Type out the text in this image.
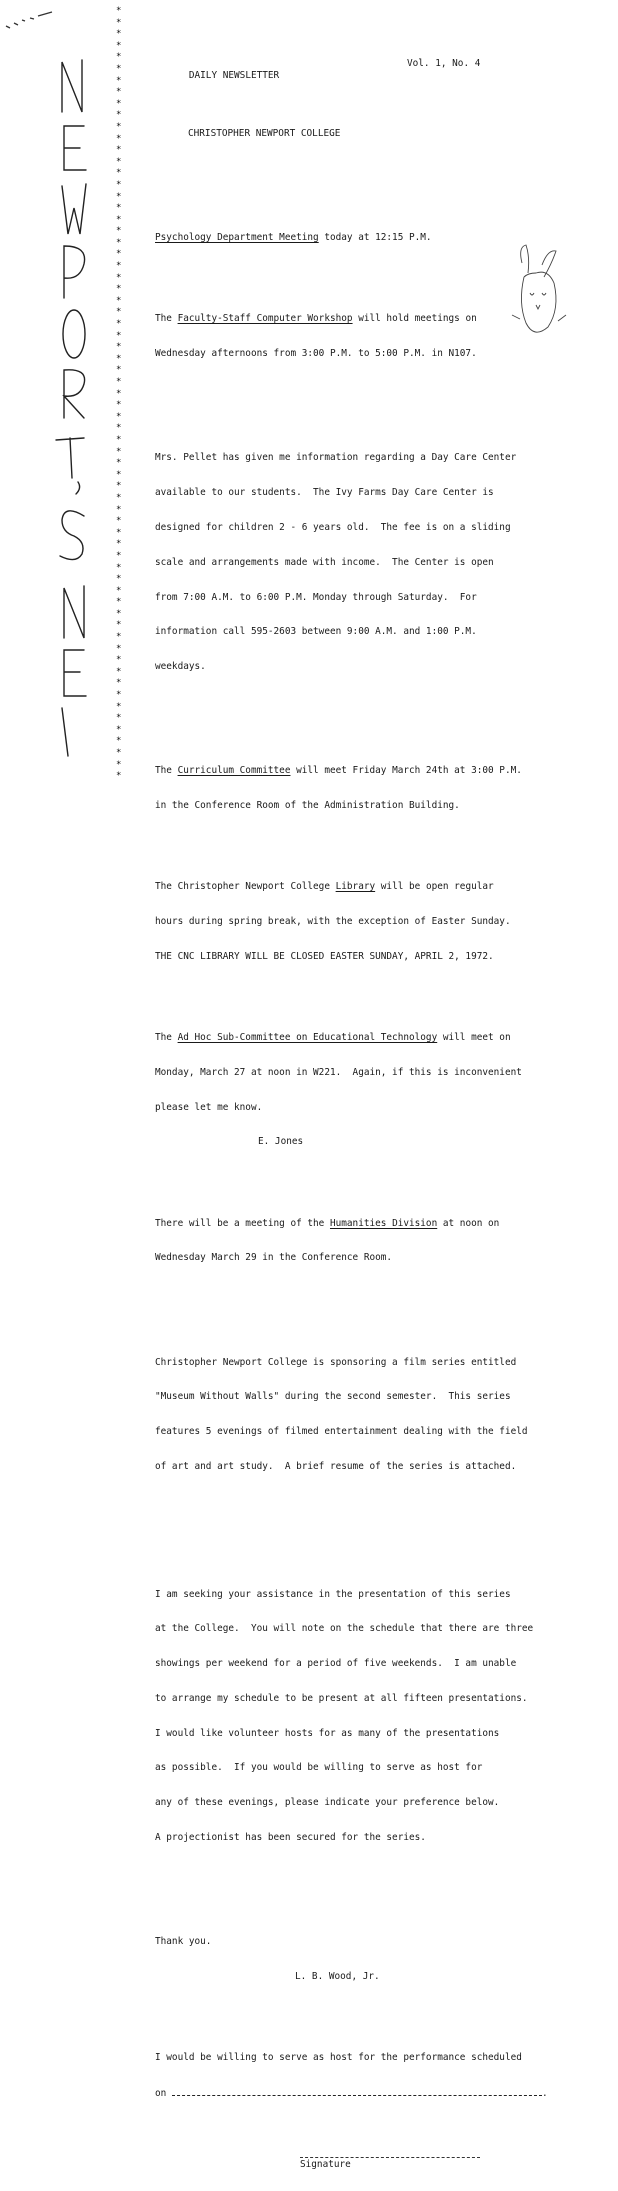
*
*
*
*
*
*
*
*
*
*
*
*
*
*
*
*
*
*
*
*
*
*
*
*
*
*
*
*
*
*
*
*
*
*
*
*
*
*
*
*
*
*
*
*
*
*
*
*
*
*
*
*
*
*
*
*
*
*
*
*
*
*
*
*
*
*
*

DAILY NEWSLETTER

Vol. 1, No. 4

CHRISTOPHER NEWPORT COLLEGE

Psychology Department Meeting today at 12:15 P.M.

The Faculty-Staff Computer Workshop will hold meetings on

Wednesday afternoons from 3:00 P.M. to 5:00 P.M. in N107.

Mrs. Pellet has given me information regarding a Day Care Center

available to our students.  The Ivy Farms Day Care Center is

designed for children 2 - 6 years old.  The fee is on a sliding

scale and arrangements made with income.  The Center is open

from 7:00 A.M. to 6:00 P.M. Monday through Saturday.  For

information call 595-2603 between 9:00 A.M. and 1:00 P.M.

weekdays.

The Curriculum Committee will meet Friday March 24th at 3:00 P.M.

in the Conference Room of the Administration Building.

The Christopher Newport College Library will be open regular

hours during spring break, with the exception of Easter Sunday.

THE CNC LIBRARY WILL BE CLOSED EASTER SUNDAY, APRIL 2, 1972.

The Ad Hoc Sub-Committee on Educational Technology will meet on

Monday, March 27 at noon in W221.  Again, if this is inconvenient

please let me know.

E. Jones

There will be a meeting of the Humanities Division at noon on

Wednesday March 29 in the Conference Room.

Christopher Newport College is sponsoring a film series entitled

"Museum Without Walls" during the second semester.  This series

features 5 evenings of filmed entertainment dealing with the field

of art and art study.  A brief resume of the series is attached.

I am seeking your assistance in the presentation of this series

at the College.  You will note on the schedule that there are three

showings per weekend for a period of five weekends.  I am unable

to arrange my schedule to be present at all fifteen presentations.

I would like volunteer hosts for as many of the presentations

as possible.  If you would be willing to serve as host for

any of these evenings, please indicate your preference below.

A projectionist has been secured for the series.

Thank you.

L. B. Wood, Jr.

I would be willing to serve as host for the performance scheduled

on	.

Signature
